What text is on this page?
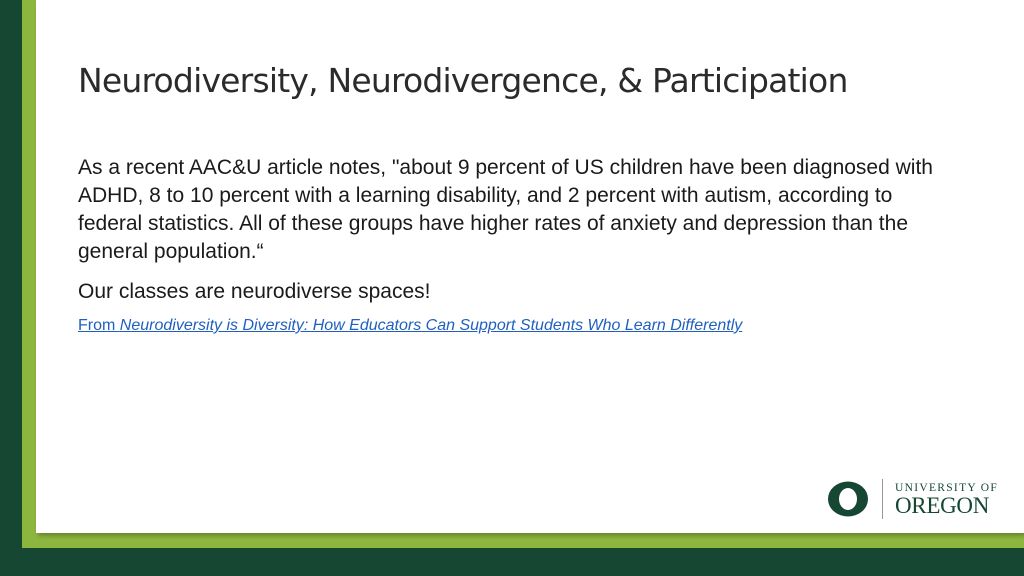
Neurodiversity, Neurodivergence, & Participation

As a recent AAC&U article notes, "about 9 percent of US children have been diagnosed with ADHD, 8 to 10 percent with a learning disability, and 2 percent with autism, according to federal statistics. All of these groups have higher rates of anxiety and depression than the general population.“

Our classes are neurodiverse spaces!

From Neurodiversity is Diversity: How Educators Can Support Students Who Learn Differently
UNIVERSITY OF
OREGON
